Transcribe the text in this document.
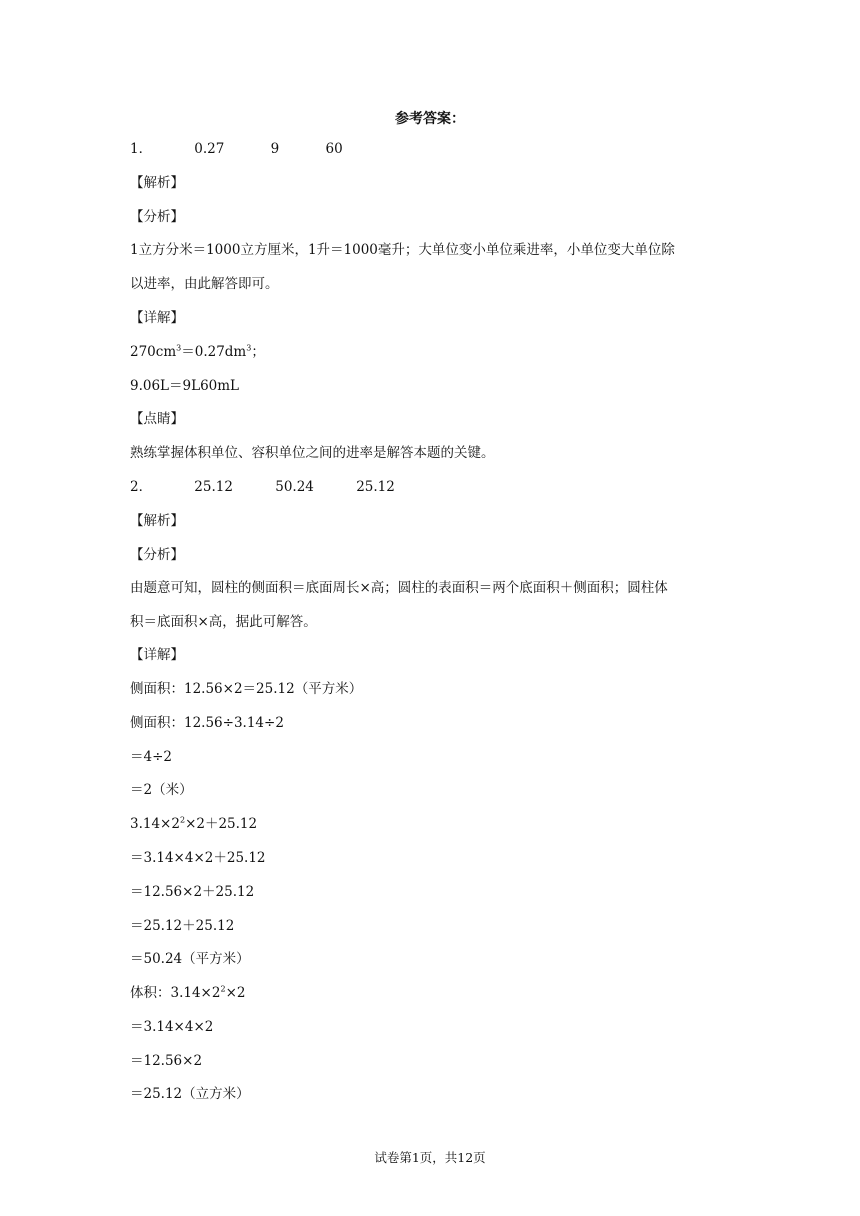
参考答案：
1．	0.27	9	60
【解析】
【分析】
1立方分米＝1000立方厘米，1升＝1000毫升；大单位变小单位乘进率，小单位变大单位除
以进率，由此解答即可。
【详解】
$270cm^3=0.27dm^3$；
9.06L＝9L60mL
【点睛】
熟练掌握体积单位、容积单位之间的进率是解答本题的关键。
2．	25.12	50.24	25.12
【解析】
【分析】
由题意可知，圆柱的侧面积＝底面周长×高；圆柱的表面积＝两个底面积＋侧面积；圆柱体
积＝底面积×高，据此可解答。
【详解】
侧面积：12.56×2＝25.12（平方米）
侧面积：12.56÷3.14÷2
＝4÷2
＝2（米）
$3.14\times 2^2\times 2+25.12$
＝3.14×4×2＋25.12
＝12.56×2＋25.12
＝25.12＋25.12
＝50.24（平方米）
体积：$3.14\times 2^2\times 2$
＝3.14×4×2
＝12.56×2
＝25.12（立方米）
试卷第1页，共12页
